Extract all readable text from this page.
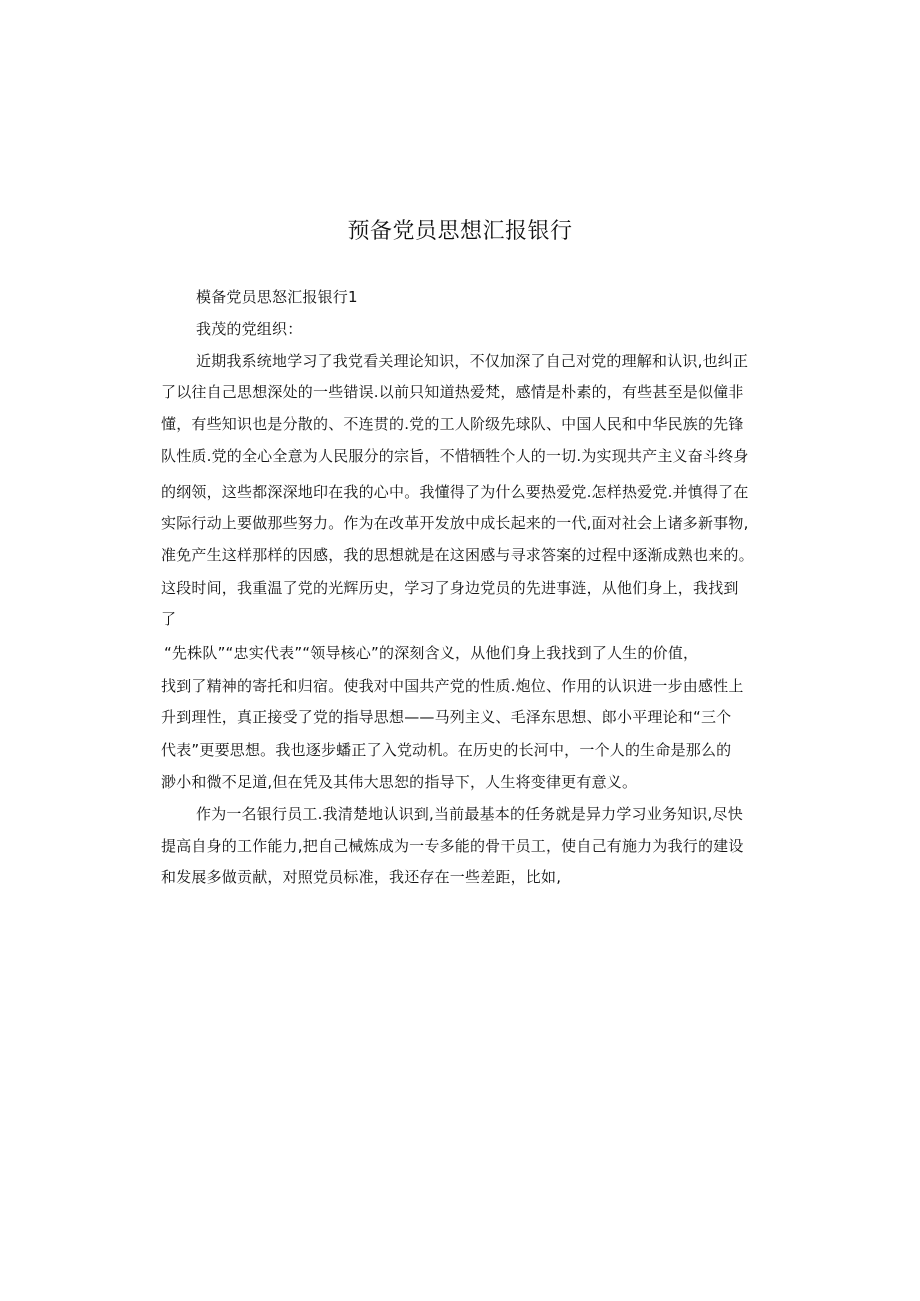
预备党员思想汇报银行
模备党员思怒汇报银行1
我茂的党组织：
近期我系统地学习了我党看关理论知识，不仅加深了自己对党的理解和认识,也纠正
了以往自己思想深处的一些错误.以前只知道热爱梵，感情是朴素的，有些甚至是似僮非
懂，有些知识也是分散的、不连贯的.党的工人阶级先球队、中国人民和中华民族的先锋
队性质.党的全心全意为人民服分的宗旨，不惜牺牲个人的一切.为实现共产主义奋斗终身
的纲领，这些都深深地印在我的心中。我懂得了为什么要热爱党.怎样热爱党.并慎得了在
实际行动上要做那些努力。作为在改革开发放中成长起来的一代,面对社会上诸多新事物,
准免产生这样那样的因感，我的思想就是在这困感与寻求答案的过程中逐渐成熟也来的。
这段时间，我重温了党的光辉历史，学习了身边党员的先进事涟，从他们身上，我找到
了
“先株队”“忠实代表”“领导核心”的深刻含义，从他们身上我找到了人生的价值，
找到了精神的寄托和归宿。使我对中国共产党的性质.炮位、作用的认识进一步由感性上
升到理性，真正接受了党的指导思想——马列主义、毛泽东思想、郎小平理论和“三个
代表”更要思想。我也逐步蟠正了入党动机。在历史的长河中，一个人的生命是那么的
渺小和微不足道,但在凭及其伟大思恕的指导下，人生将变律更有意义。
作为一名银行员工.我清楚地认识到,当前最基本的任务就是异力学习业务知识,尽快
提高自身的工作能力,把自己械炼成为一专多能的骨干员工，使自己有施力为我行的建设
和发展多做贡献，对照党员标准，我还存在一些差距，比如,
